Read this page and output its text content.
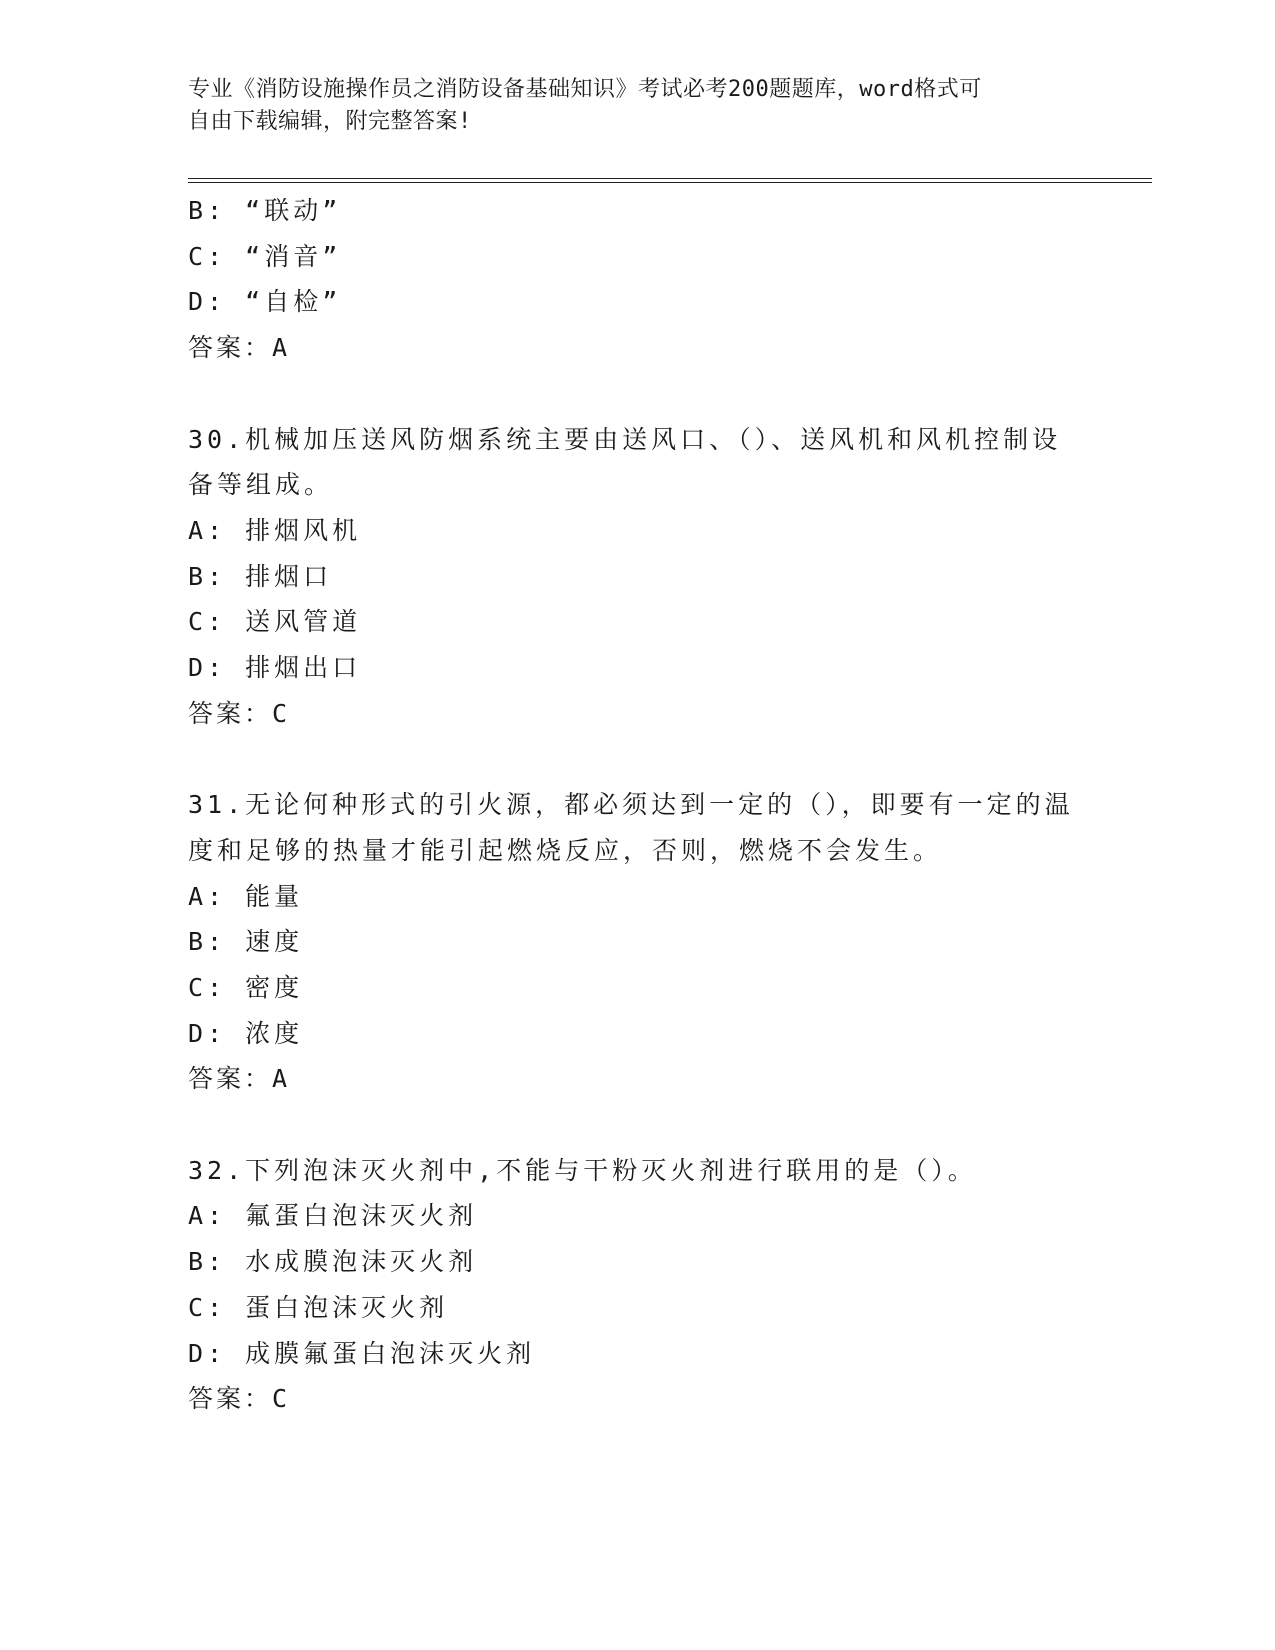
专业《消防设施操作员之消防设备基础知识》考试必考200题题库，word格式可
自由下载编辑，附完整答案!

B: “联动”

C: “消音”

D: “自检”

答案：A

30.机械加压送风防烟系统主要由送风口、（）、送风机和风机控制设

备等组成。

A: 排烟风机

B: 排烟口

C: 送风管道

D: 排烟出口

答案：C

31.无论何种形式的引火源，都必须达到一定的（），即要有一定的温

度和足够的热量才能引起燃烧反应，否则，燃烧不会发生。

A: 能量

B: 速度

C: 密度

D: 浓度

答案：A

32.下列泡沫灭火剂中,不能与干粉灭火剂进行联用的是（）。

A: 氟蛋白泡沫灭火剂

B: 水成膜泡沫灭火剂

C: 蛋白泡沫灭火剂

D: 成膜氟蛋白泡沫灭火剂

答案：C
